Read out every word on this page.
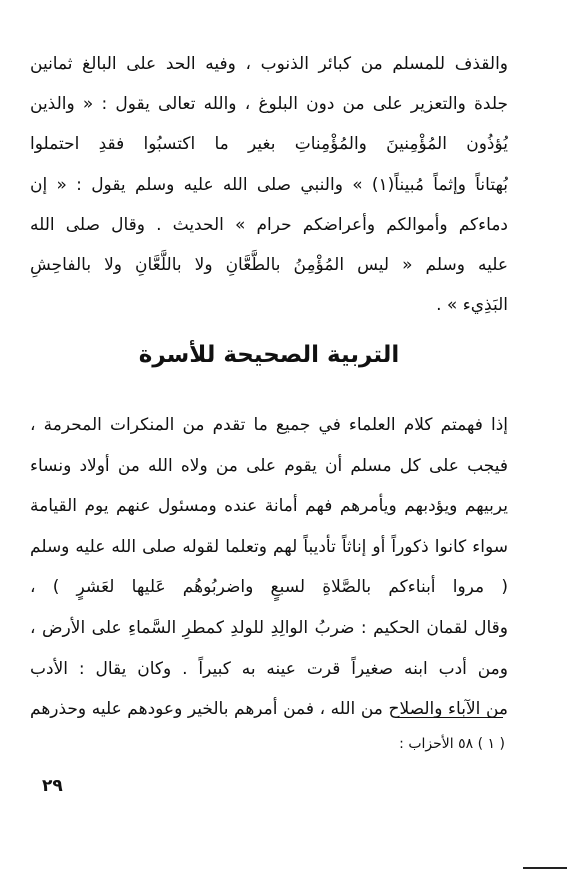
والقذف للمسلم من كبائر الذنوب ، وفيه الحد على البالغ ثمانين
جلدة والتعزير على من دون البلوغ ، والله تعالى يقول : « والذين
يُؤذُون المُؤْمِنينَ والمُؤْمِناتِ بغير ما اكتسبُوا فقدِ احتملوا
بُهتاناً وإثماً مُبيناً(١) » والنبي صلى الله عليه وسلم يقول : « إن
دماءكم وأموالكم وأعراضكم حرام » الحديث . وقال صلى الله
عليه وسلم « ليس المُؤْمِنُ بالطَّعَّانِ ولا باللَّعَّانِ ولا بالفاحِشِ
البَذِيء » .
التربية الصحيحة للأسرة
إذا فهمتم كلام العلماء في جميع ما تقدم من المنكرات المحرمة ،
فيجب على كل مسلم أن يقوم على من ولاه الله من أولاد ونساء
يربيهم ويؤدبهم ويأمرهم فهم أمانة عنده ومسئول عنهم يوم القيامة
سواء كانوا ذكوراً أو إناثاً تأديباً لهم وتعلما لقوله صلى الله عليه وسلم
( مروا أبناءكم بالصَّلاةِ لسبعٍ واضربُوهُم عَليها لعَشرٍ ) ،
وقال لقمان الحكيم : ضربُ الوالِدِ للولدِ كمطرِ السَّماءِ على الأرض ،
ومن أدب ابنه صغيراً قرت عينه به كبيراً . وكان يقال : الأدب
من الآباء والصلاح من الله ، فمن أمرهم بالخير وعودهم عليه وحذرهم
( ١ ) ٥٨ الأحزاب :
٢٩
